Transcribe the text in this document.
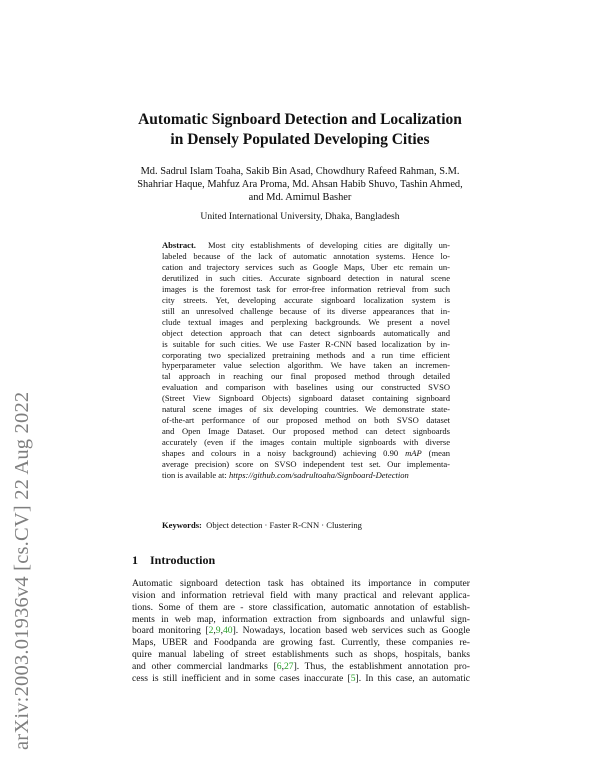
arXiv:2003.01936v4 [cs.CV] 22 Aug 2022
Automatic Signboard Detection and Localization
in Densely Populated Developing Cities
Md. Sadrul Islam Toaha, Sakib Bin Asad, Chowdhury Rafeed Rahman, S.M.
Shahriar Haque, Mahfuz Ara Proma, Md. Ahsan Habib Shuvo, Tashin Ahmed,
and Md. Amimul Basher
United International University, Dhaka, Bangladesh
Abstract. Most city establishments of developing cities are digitally un-
labeled because of the lack of automatic annotation systems. Hence lo-
cation and trajectory services such as Google Maps, Uber etc remain un-
derutilized in such cities. Accurate signboard detection in natural scene
images is the foremost task for error-free information retrieval from such
city streets. Yet, developing accurate signboard localization system is
still an unresolved challenge because of its diverse appearances that in-
clude textual images and perplexing backgrounds. We present a novel
object detection approach that can detect signboards automatically and
is suitable for such cities. We use Faster R-CNN based localization by in-
corporating two specialized pretraining methods and a run time efficient
hyperparameter value selection algorithm. We have taken an incremen-
tal approach in reaching our final proposed method through detailed
evaluation and comparison with baselines using our constructed SVSO
(Street View Signboard Objects) signboard dataset containing signboard
natural scene images of six developing countries. We demonstrate state-
of-the-art performance of our proposed method on both SVSO dataset
and Open Image Dataset. Our proposed method can detect signboards
accurately (even if the images contain multiple signboards with diverse
shapes and colours in a noisy background) achieving 0.90 mAP (mean
average precision) score on SVSO independent test set. Our implementa-
tion is available at: https://github.com/sadrultoaha/Signboard-Detection
Keywords: Object detection · Faster R-CNN · Clustering
1 Introduction
Automatic signboard detection task has obtained its importance in computer
vision and information retrieval field with many practical and relevant applica-
tions. Some of them are - store classification, automatic annotation of establish-
ments in web map, information extraction from signboards and unlawful sign-
board monitoring [2,9,40]. Nowadays, location based web services such as Google
Maps, UBER and Foodpanda are growing fast. Currently, these companies re-
quire manual labeling of street establishments such as shops, hospitals, banks
and other commercial landmarks [6,27]. Thus, the establishment annotation pro-
cess is still inefficient and in some cases inaccurate [5]. In this case, an automatic
